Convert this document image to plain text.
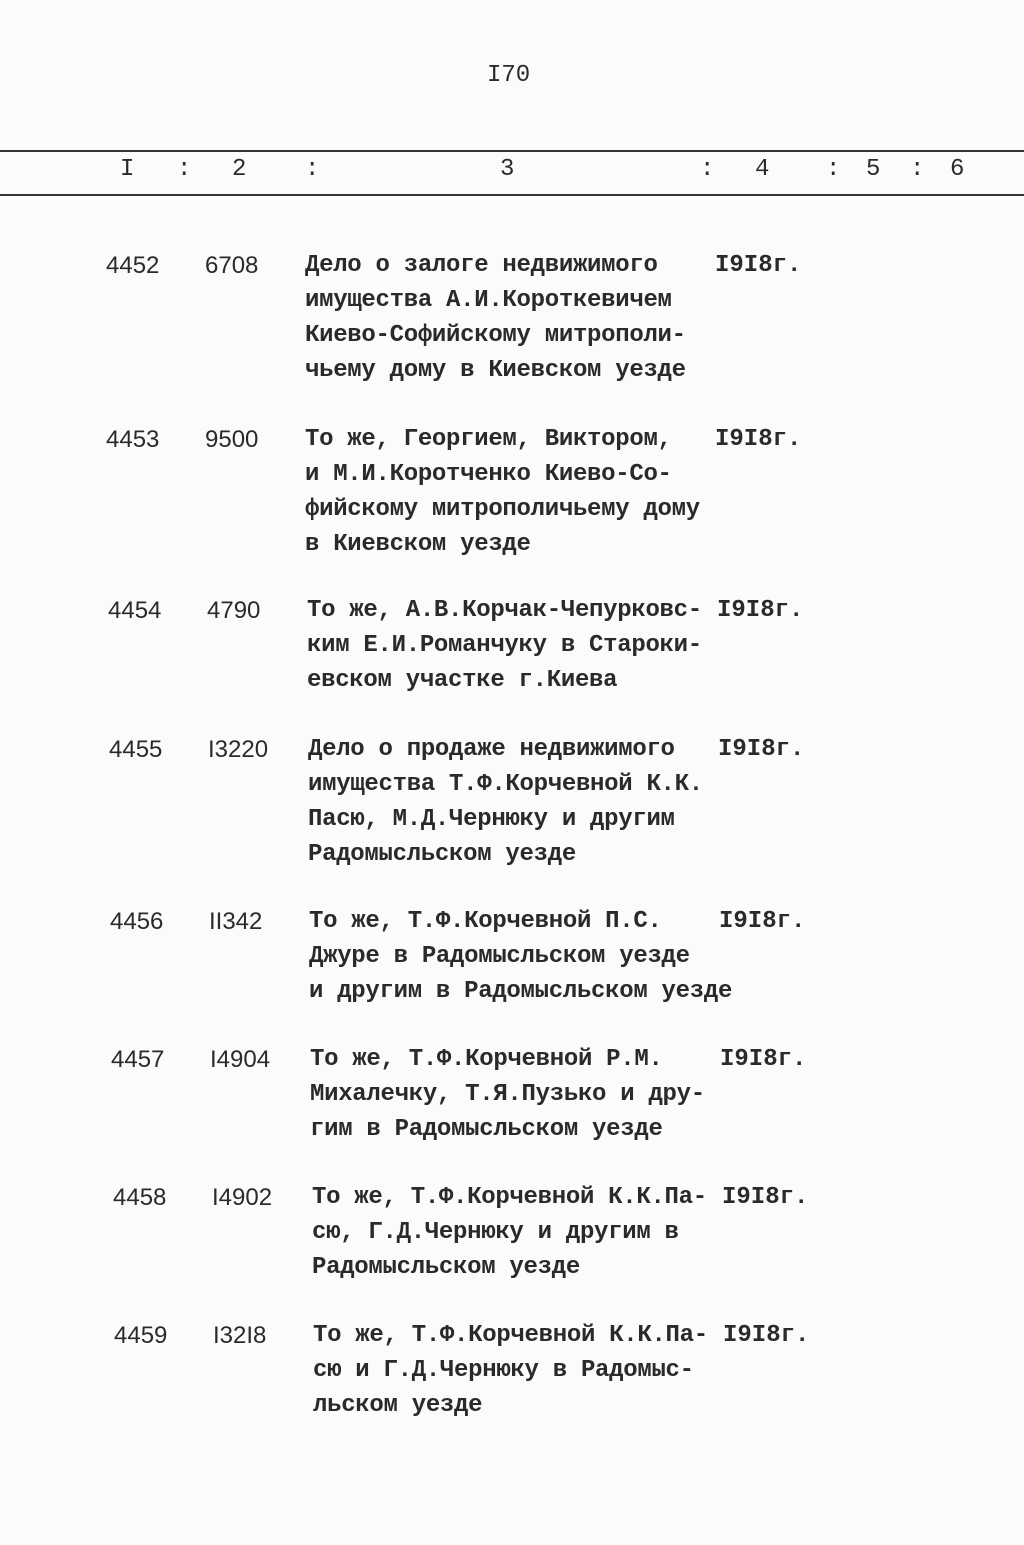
I70
I : 2 :	3	: 4 : 5 : 6
4452 6708 Дело о залоге недвижимого
имущества А.И.Короткевичем
Киево-Софийскому митрополи-
чьему дому в Киевском уезде
I9I8г.
4453 9500 То же, Георгием, Виктором,
и М.И.Коротченко Киево-Со-
фийскому митрополичьему дому
в Киевском уезде
I9I8г.
4454 4790 То же, А.В.Корчак-Чепурковс-
ким Е.И.Романчуку в Староки-
евском участке г.Киева
I9I8г.
4455 I3220 Дело о продаже недвижимого
имущества Т.Ф.Корчевной К.К.
Пасю, М.Д.Чернюку и другим
Радомысльском уезде
I9I8г.
4456 II342 То же, Т.Ф.Корчевной П.С.
Джуре в Радомысльском уезде
и другим в Радомысльском уезде
I9I8г.
4457 I4904 То же, Т.Ф.Корчевной Р.М.
Михалечку, Т.Я.Пузько и дру-
гим в Радомысльском уезде
I9I8г.
4458 I4902 То же, Т.Ф.Корчевной К.К.Па-
сю, Г.Д.Чернюку и другим в
Радомысльском уезде
I9I8г.
4459 I32I8 То же, Т.Ф.Корчевной К.К.Па-
сю и Г.Д.Чернюку в Радомыс-
льском уезде
I9I8г.
